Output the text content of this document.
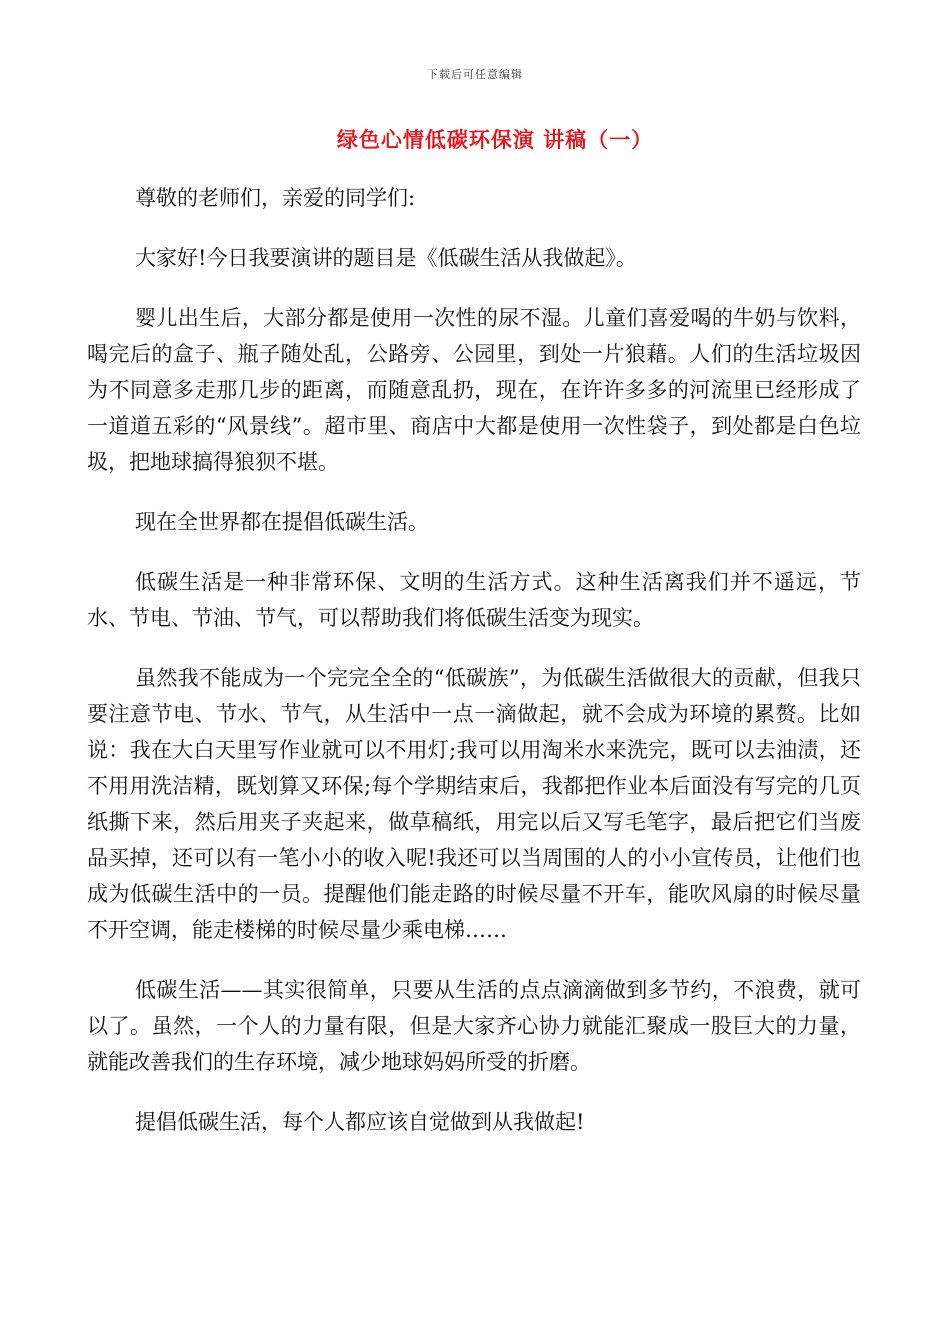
下载后可任意编辑
绿色心情低碳环保演 讲稿（一）

尊敬的老师们，亲爱的同学们:

大家好!今日我要演讲的题目是《低碳生活从我做起》。

婴儿出生后，大部分都是使用一次性的尿不湿。儿童们喜爱喝的牛奶与饮料，喝完后的盒子、瓶子随处乱，公路旁、公园里，到处一片狼藉。人们的生活垃圾因为不同意多走那几步的距离，而随意乱扔，现在，在许许多多的河流里已经形成了一道道五彩的“风景线”。超市里、商店中大都是使用一次性袋子，到处都是白色垃圾，把地球搞得狼狈不堪。

现在全世界都在提倡低碳生活。

低碳生活是一种非常环保、文明的生活方式。这种生活离我们并不遥远，节水、节电、节油、节气，可以帮助我们将低碳生活变为现实。

虽然我不能成为一个完完全全的“低碳族”，为低碳生活做很大的贡献，但我只要注意节电、节水、节气，从生活中一点一滴做起，就不会成为环境的累赘。比如说：我在大白天里写作业就可以不用灯;我可以用淘米水来洗完，既可以去油渍，还不用用洗洁精，既划算又环保;每个学期结束后，我都把作业本后面没有写完的几页纸撕下来，然后用夹子夹起来，做草稿纸，用完以后又写毛笔字，最后把它们当废品买掉，还可以有一笔小小的收入呢!我还可以当周围的人的小小宣传员，让他们也成为低碳生活中的一员。提醒他们能走路的时候尽量不开车，能吹风扇的时候尽量不开空调，能走楼梯的时候尽量少乘电梯……

低碳生活——其实很简单，只要从生活的点点滴滴做到多节约，不浪费，就可以了。虽然，一个人的力量有限，但是大家齐心协力就能汇聚成一股巨大的力量，就能改善我们的生存环境，减少地球妈妈所受的折磨。

提倡低碳生活，每个人都应该自觉做到从我做起!
